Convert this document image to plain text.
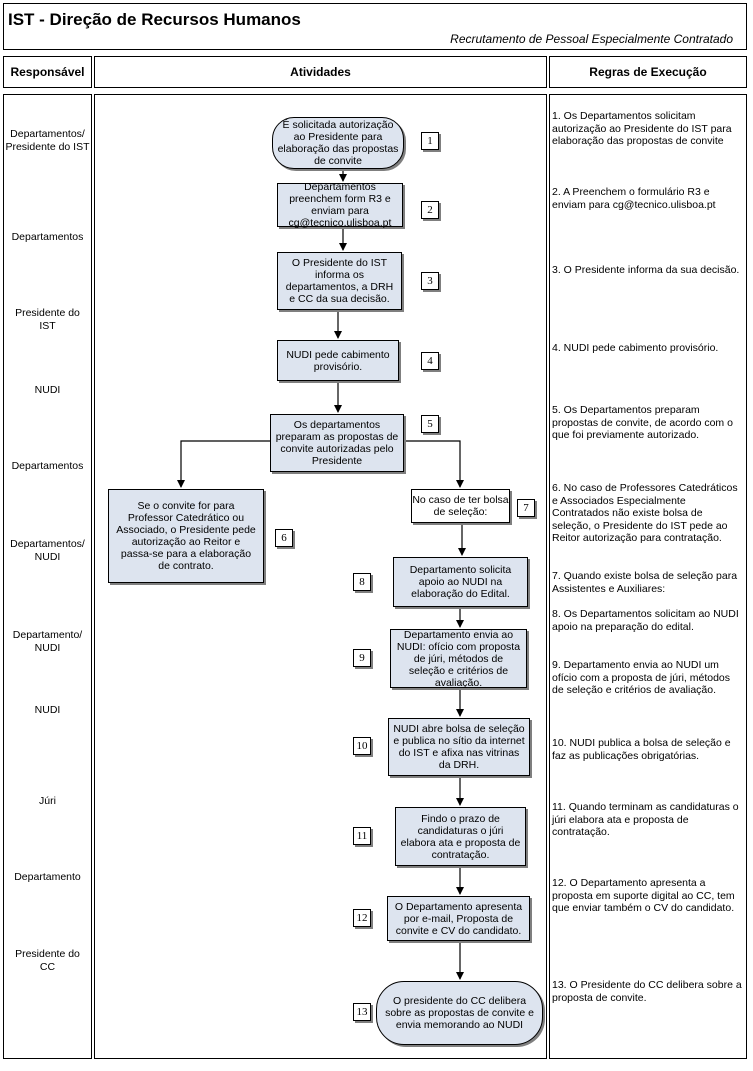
IST - Direção de Recursos Humanos
Recrutamento de Pessoal Especialmente Contratado
Responsável	Atividades	Regras de Execução
Departamentos/ Presidente do IST
Departamentos
Presidente do IST
NUDI
Departamentos
Departamentos/ NUDI
Departamento/ NUDI
NUDI
Júri
Departamento
Presidente do CC
É solicitada autorização ao Presidente para elaboração das propostas de convite
Departamentos preenchem form R3 e enviam para cg@tecnico.ulisboa.pt
O Presidente do IST informa os departamentos, a DRH e CC da sua decisão.
NUDI pede cabimento provisório.
Os departamentos preparam as propostas de convite autorizadas pelo Presidente
Se o convite for para Professor Catedrático ou Associado, o Presidente pede autorização ao Reitor e passa-se para a elaboração de contrato.
No caso de ter bolsa de seleção:
Departamento solicita apoio ao NUDI na elaboração do Edital.
Departamento envia ao NUDI: ofício com proposta de júri, métodos de seleção e critérios de avaliação.
NUDI abre bolsa de seleção e publica no sítio da internet do IST e afixa nas vitrinas da DRH.
Findo o prazo de candidaturas o júri elabora ata e proposta de contratação.
O Departamento apresenta por e-mail, Proposta de convite e CV do candidato.
O presidente do CC delibera sobre as propostas de convite e envia memorando ao NUDI
1
2
3
4
5
6
7
8
9
10
11
12
13
1. Os Departamentos solicitam autorização ao Presidente do IST para elaboração das propostas de convite
2. A Preenchem o formulário R3 e enviam para cg@tecnico.ulisboa.pt
3. O Presidente informa da sua decisão.
4. NUDI pede cabimento provisório.
5. Os Departamentos preparam propostas de convite, de acordo com o que foi previamente autorizado.
6. No caso de Professores Catedráticos e Associados Especialmente Contratados não existe bolsa de seleção, o Presidente do IST pede ao Reitor autorização para contratação.
7. Quando existe bolsa de seleção para Assistentes e Auxiliares:
8. Os Departamentos solicitam ao NUDI apoio na preparação do edital.
9. Departamento envia ao NUDI um ofício com a proposta de júri, métodos de seleção e critérios de avaliação.
10. NUDI publica a bolsa de seleção e faz as publicações obrigatórias.
11. Quando terminam as candidaturas o júri elabora ata e proposta de contratação.
12. O Departamento apresenta a proposta em suporte digital ao CC, tem que enviar também o CV do candidato.
13. O Presidente do CC delibera sobre a proposta de convite.
